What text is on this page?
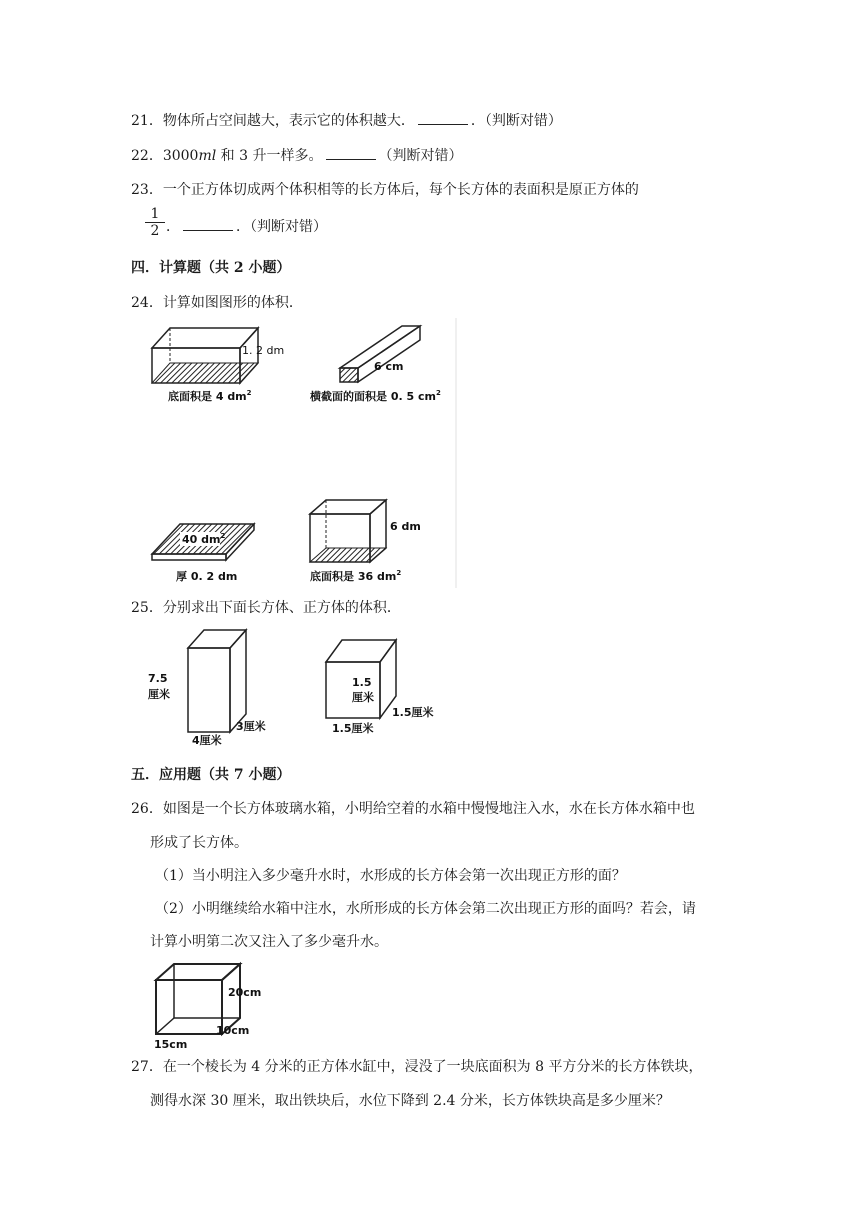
21．物体所占空间越大，表示它的体积越大．	．（判断对错）
22．3000ml 和 3 升一样多。	（判断对错）
23．一个正方体切成两个体积相等的长方体后，每个长方体的表面积是原正方体的
$\frac{1}{2}$ ．	．（判断对错）
四．计算题（共 2 小题）
24．计算如图图形的体积．
1. 2 dm
底面积是 4 $dm^2$
6 cm
横截面的面积是 0. 5 $cm^2$
40 $dm^2$
厚 0. 2 dm
6 dm
底面积是 36 $dm^2$
25．分别求出下面长方体、正方体的体积．
7.5
厘米
4厘米
3厘米
1.5
厘米
1.5厘米
1.5厘米
五．应用题（共 7 小题）
26．如图是一个长方体玻璃水箱，小明给空着的水箱中慢慢地注入水，水在长方体水箱中也
形成了长方体。
（1）当小明注入多少毫升水时，水形成的长方体会第一次出现正方形的面？
（2）小明继续给水箱中注水，水所形成的长方体会第二次出现正方形的面吗？若会，请
计算小明第二次又注入了多少毫升水。
20cm
10cm
15cm
27．在一个棱长为 4 分米的正方体水缸中，浸没了一块底面积为 8 平方分米的长方体铁块，
测得水深 30 厘米，取出铁块后，水位下降到 2.4 分米，长方体铁块高是多少厘米？
